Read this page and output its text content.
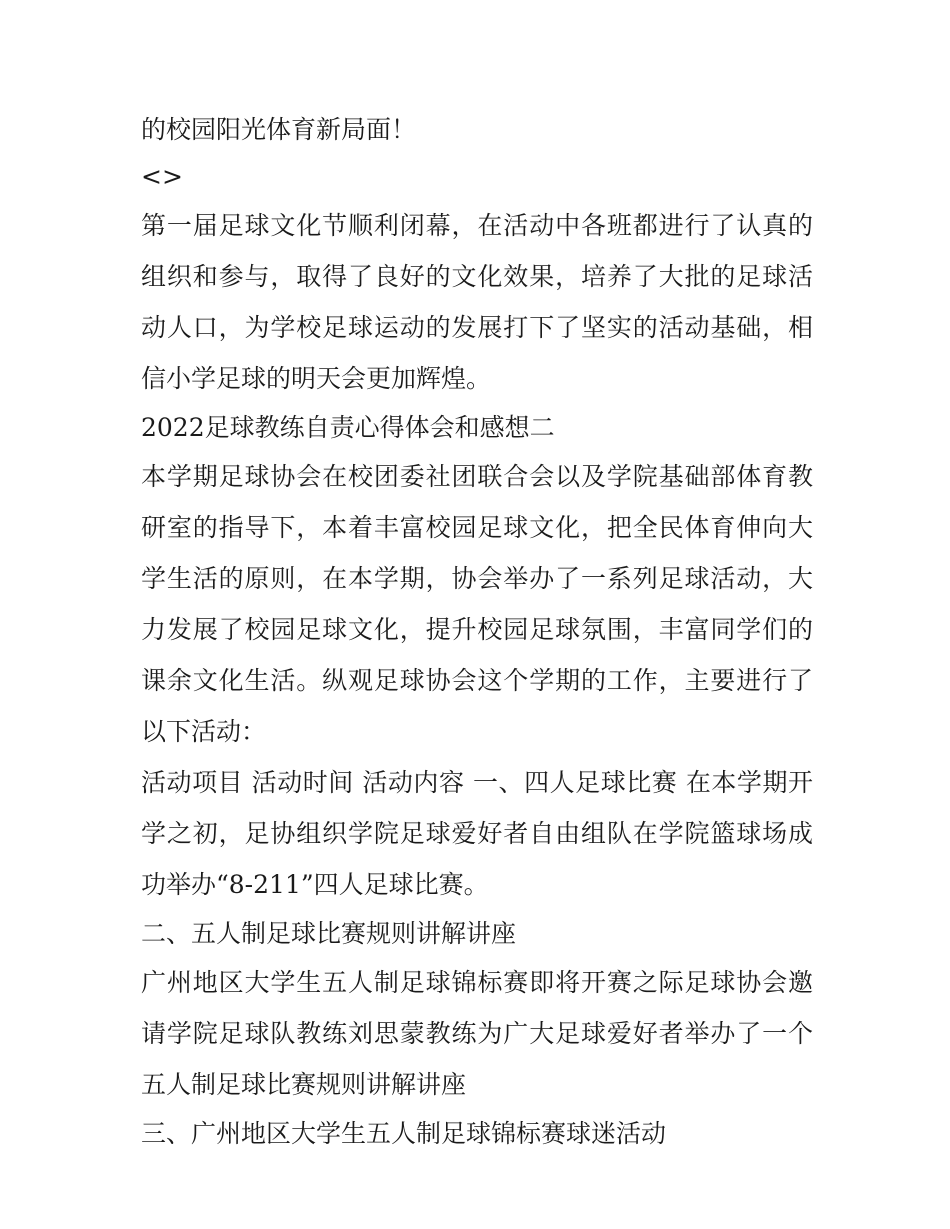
的校园阳光体育新局面！

<>

第一届足球文化节顺利闭幕，在活动中各班都进行了认真的组织和参与，取得了良好的文化效果，培养了大批的足球活动人口，为学校足球运动的发展打下了坚实的活动基础，相信小学足球的明天会更加辉煌。

2022足球教练自责心得体会和感想二

本学期足球协会在校团委社团联合会以及学院基础部体育教研室的指导下，本着丰富校园足球文化，把全民体育伸向大学生活的原则，在本学期，协会举办了一系列足球活动，大力发展了校园足球文化，提升校园足球氛围，丰富同学们的课余文化生活。纵观足球协会这个学期的工作，主要进行了以下活动：

活动项目 活动时间 活动内容 一、四人足球比赛 在本学期开学之初，足协组织学院足球爱好者自由组队在学院篮球场成功举办“8-211”四人足球比赛。

二、五人制足球比赛规则讲解讲座

广州地区大学生五人制足球锦标赛即将开赛之际足球协会邀请学院足球队教练刘思蒙教练为广大足球爱好者举办了一个五人制足球比赛规则讲解讲座

三、广州地区大学生五人制足球锦标赛球迷活动
